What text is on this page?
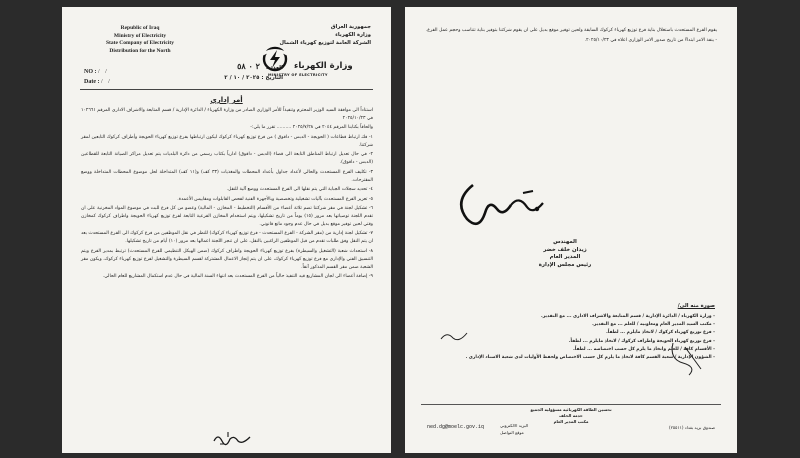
Republic of Iraq
Ministry of Electricity
State Company of Electricity
Distribution for the North
جمهورية العراق
وزارة الكهرباء
الشركة العامة لتوزيع كهرباء الشمال
وزارة الكهرباء
MINISTRY OF ELECTRICITY
NO : / /
Date : / /
العدد : ٢ ٠ ٥٨
التاريخ : ٢٠٢٥ / ١٠ / ٢
أمر إداري

استناداً الى موافقة السيد الوزير المحترم وتنفيذاً للأمر الوزاري الصادر من وزارة الكهرباء / الدائرة الإدارية / قسم المتابعة والاشراف الاداري المرقم ١٠٢٦٦١ في ٢٠٢٥/١٠/٢٣

والحاقاً بكتابنا المرقم ٢٠٤٤ في ٢٠٢٥/٧/٢٨ .......... تقرر ما يلي:-

١- فك ارتباط قطاعات ( الحويجة - الدبس - داقوق ) من فرع توزيع كهرباء كركوك ليكون ارتباطها بفرع توزيع كهرباء الحويجة وأطراف كركوك التابعين لمقر شركتنا.

٢- في حال تعديل ارتباط المناطق التابعة الى قضاء (الدبس - داقوق) ادارياً بكتاب رسمي من دائرة البلديات يتم تعديل مراكز الصيانة التابعة للقطاعين (الدبس - داقوق).

٣- تكليف الفرع المستحدث والحالي لأعداد جداول بأعداد المحطات والمغذيات (٣٣ كف) و(١١ كف) المتداخلة لحل موضوع المحطات المتداخلة ووضع المقترحات.

٤- تحديد سجلات الجباية التي يتم نقلها الى الفرع المستحدث ووضع آلية للنقل.

٥- تعزيز الفرع المستحدث بآليات تشغيلية وتخصصية وبالأجهزة الفنية لفحص القابلوات ومقاييس الأعمدة.

٦- تشكيل لجنة في مقر شركتنا تضم ثلاثة أعضاء من الأقسام (التخطيط - المخازن - المالية) وعضو من كل فرع للبت في موضوع المواد المخزنية على ان تقدم اللجنة توصياتها بعد مرور (١٥) يوماً من تاريخ تشكيلها، ويتم استخدام المخازن الفرعية التابعة لفرع توزيع كهرباء الحويجة واطراف كركوك كمخازن وقتي لحين توفير موقع بديل في حال عدم وجود مانع قانوني.

٧- تشكيل لجنة إدارية من (مقر الشركة - الفرع المستحدث - فرع توزيع كهرباء كركوك) للنظر في نقل الموظفين من فرع كركوك الى الفرع المستحدث بعد ان يتم النقل وفق طلبات تقدم من قبل الموظفين الراغبين بالنقل، على ان تنجز اللجنة اعمالها بعد مرور (١٠) أيام من تاريخ تشكيلها.

٨- استحداث شعبة (التشغيل والسيطرة) بفرع توزيع كهرباء الحويجة واطراف كركوك (ضمن الهيكل التنظيمي للفرع المستحدث) ترتبط بمدير الفرع ويتم التنسيق الفني والإداري مع فرع توزيع كهرباء كركوك، على ان يتم إنجاز الاعمال المشتركة لقسم السيطرة والتشغيل لفرع توزيع كهرباء كركوك، ويكون مقر الشعبة ضمن مقر القسم المذكور آنفاً.

٩- إضافة أعضاء الى لجان المشاريع قيد التنفيذ حالياً من الفرع المستحدث بعد انتهاء السنة المالية في حال عدم استكمال المشاريع للعام الحالي.

يقوم الفرع المستحدث باستغلال بناية فرع توزيع كهرباء كركوك السابقة ولحين توفير موقع بديل على ان يقوم شركتنا بتوفير بناية تتناسب وحجم عمل الفرع.

- ينفذ الامر ابتداءً من تاريخ صدور الامر الوزاري اعلاه في ٢٠٢٥/١٠/٢٣.

المهندس
زيدان خلف خضر
المدير العام
رئيس مجلس الإدارة
صورة منه الى/
- وزارة الكهرباء / الدائرة الإدارية / قسم المتابعة والاشراف الاداري ... مع التقدير.
- مكتب السيد المدير العام ومعاونيه / للعلم ... مع التقدير.
- فرع توزيع كهرباء كركوك / لاتخاذ مايلزم ... لطفاً.
- فرع توزيع كهرباء الحويجة واطراف كركوك / لاتخاذ مايلزم ... لطفاً.
- الأقسام كافة / للعلم واتخاذ ما يلزم كل حسب اختصاصه ... لطفاً.
- الشؤون الإدارية / شعبة القسم كافة لاتخاذ ما يلزم كل حسب الاختصاص ولحفظ الأوليات لدى شعبة الاسناد الإداري .
تحسين الطاقة الكهربائية مسؤولية الجميع
خدمة الخلف
مكتب المدير العام
ned.dg@moelc.gov.iq	البريد الالكتروني
موقع التواصل
صندوق بريد بغداد (٢٥٥١١)
